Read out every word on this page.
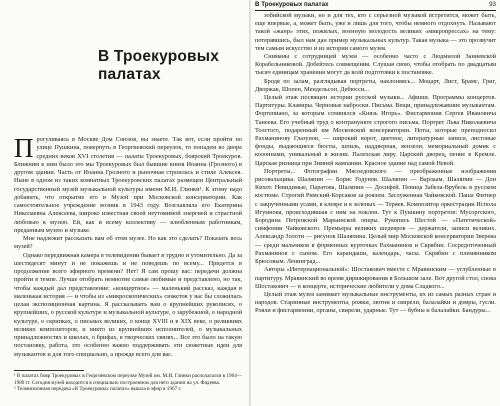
В Троекуровых палатах

Прогуливаясь в Москве Дом Союзов, вы знаете. Так вот, если пройти по улице Пушкина, повернуть в Георгиевский переулок, то попадем во дворе средних веков XVI столетия — палаты Троекуровых, боярский Троекуров. Ближним к ним было это мы Троекуровых был бывшие князя Иоанна (Грозного) в другом здании. Часть от Иоанна Грозного и рыночная строилась и стиле Алексея. Ныне в одном из таких комнатных Троекуровских палатах размещен Центральный государственный музей музыкальной культуры имени М.И. Глинки¹. К этому надо добавить, что открытие его в Музей при Московской консерватории. Как самостоятельное учреждение возник в 1943 году. Возглавляла его Екатерина Николаевна Алексеева, широко известная своей неутомимой энергией и страстной любовью к музею. Ей, как и всему коллективу — влюбленным работникам, преданным музею и музыке.

Мне надлежит рассказать вам об этом музее. Но как это сделать? Показать весь музей?

Однако передвижная камера в телевидении бывает в трудно и утомительно. Да за шестидесят минут и не покажешь и не поведешь по всему... Придется в продолжение всего эфирного времени? Нет! Я сам прошу вас: передачи должна пройти в темпе. Лучше отобрать немногие самые любимые и представлено, но так, чтобы каждый дал представление: «концертное» — маленький рассказ, каждая в маленькая история — и чтобы из «микроскопических» сюжетов у вас бы сложилась целая экспозиционная картина. Я рассказывать вам о крупнейших рукописях, о крупнейших, о русской культуре и музыкальной культуре, о зарубежной, о народной культуре, о скрипках, о письмах великих, о конце XVIII и в XIX веке, о реликвиях великих композиторов, и никто из крупнейших исполнителей, о музыкальных принадлежностях и школах, о брифах, в творческих связях... Все это было на такую постановку, работа, это особенно важно поддерживать эти сюжетные идеи для музыкантов и для того специально, а прежде всего для вас.

¹ В палатах бояр Троекуровых в Георгиевском переулке Музей им. М.И. Глинки располагался в 1964—1980 гг. Сегодня музей находится в специально построенном для него здании на ул. Фадеева.

² Телевизионная передача «В Троекуровых палатах» вышла в эфир в 1967 г.

В Троекуровых палатах	93

зобийской музыки, но и для тех, кто с серьезной музыкой встретится, может быть, еще впервые, а, может быть, уже и лишь для того, чтобы немного отдохнуть. Называют такой «жанр» этих, пожилых, военную молодость великих «микропрессах» на тему: потерявшись, был нам дан пример музыкальных культур. Такая музыка — это прозвучит тем самым искусство и из истории самого музея.

Сниманы с сотрудницей музея — особенно часто с Людмилой Заниевской Корабельниковой. Добейтесь совмещения. Слушая свою, чтобы отобрать по двадцатым тысяч единицам хранения могут да всей подготовки к постановке.

Бродя по залам, разглядывая портреты, наклоняясь... Моцарт, Лист, Брамс, Григ, Дворжак, Шопен, Мендельсон, Дебюсси...

Целый этаж посвящен истории русской музыки... Афиши. Программы концертов. Партитуры. Клавиры. Черновые наброски. Письма. Вещи, принадлежавшие музыкантам. Фортепиано, за которым сочинялся «Князь Игорь». Фисгармония Сергея Ивановича Танеева. Его учебный труд о контрапункте строгого письма. Портрет Льва Николаевича Толстого, подаренный им Московской консерватории. Ноты, которые преподносил Рахманинову Глазунов, — широкий ворот, цветное, литературные записи, листовые фонды, выдающиеся бюсты, шпиль, наддверная, вензели, мемориальный домик с колоннами, уникальный в жизни. Палехская лиру. Царский дворец, пение в Кремле. Царская ризница при Зимней кампании. Красное здание над самой Невой.

Портреты... Фотографии Мясоедовского — преображенные изображения рисовальщика. Шаляпин — Борис Годунов. Шаляпин — Варлаам. Шаляпин — Дон Кихот. Невидимые, Паратова, Шаляпин — Досифей. Певица Забела-Врубель в русском костюме. Строгий Римский-Корсаков за роялем. Заслуженная Чайковской. Паша Фитнер с закрученными усами, в клевре и в зеленых — Теряев. Композитор оркестрации Испола Игумнова, происходившая с ним на поклон. Тут к Пушкину портретов: Мусоргского, Бородина Петровской Марьинской оперы. Рукопись Шестой — «Патетической» симфонии Чайковского. Премьеры великих шедевров — держатели, записи великих. Александр Золоти — рисунок Шаляпина. Целый мир Московской консерватории Зверева — среди мальчиков в форменных курточках Рахманинов и Скрябин. Сосредоточенный Рахманинов с сыном. Его карандаши, календарь, часы. Скрябин с племянником Брюсовым. Ленинград...

Авторы «Интернациональной»: Шостакович вместе с Мравинским — углубленные в партитуру. Мравинский во время дирижирования в Большом зале. Вот другой стол, снова Шостакович — в концерте, исторические любители у дома Сладкого...

Целый этаж музея занимает музыкальные инструменты, их из самых разных стран и народов. Старинные инструменты, рожки, лютни и свирели, балалайки и домры, гусли. Рояли и фисгармонии, органы, свирели, ударные. Тут — бубны и балалайки. Бандуры...
